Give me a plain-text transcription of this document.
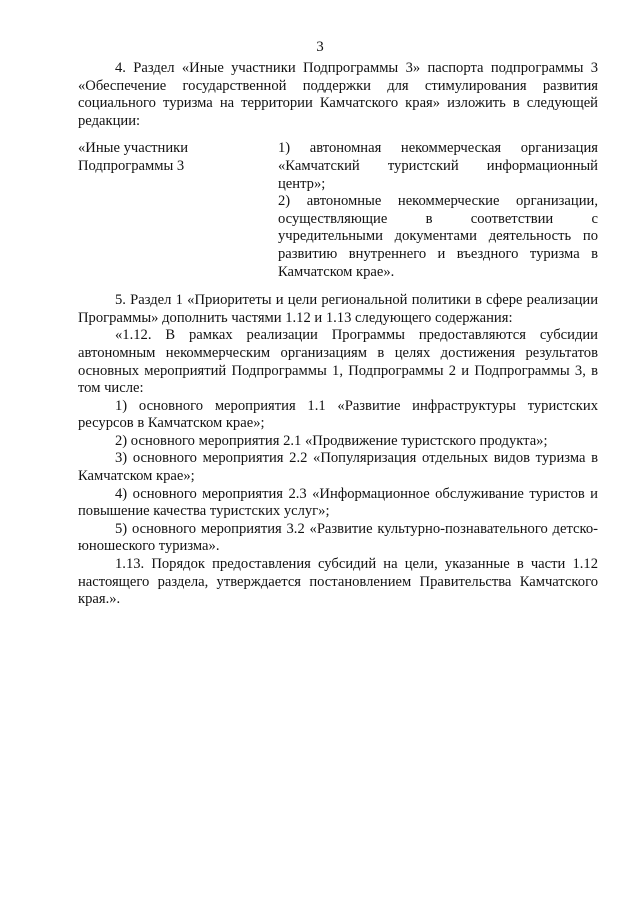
3

4. Раздел «Иные участники Подпрограммы 3» паспорта подпрограммы 3 «Обеспечение государственной поддержки для стимулирования развития социального туризма на территории Камчатского края» изложить в следующей редакции:

«Иные участники Подпрограммы 3

1) автономная некоммерческая организация «Камчатский туристский информационный центр»;

2) автономные некоммерческие организации, осуществляющие в соответствии с учредительными документами деятельность по развитию внутреннего и въездного туризма в Камчатском крае».

5. Раздел 1 «Приоритеты и цели региональной политики в сфере реализации Программы» дополнить частями 1.12 и 1.13 следующего содержания:

«1.12. В рамках реализации Программы предоставляются субсидии автономным некоммерческим организациям в целях достижения результатов основных мероприятий Подпрограммы 1, Подпрограммы 2 и Подпрограммы 3, в том числе:

1) основного мероприятия 1.1 «Развитие инфраструктуры туристских ресурсов в Камчатском крае»;

2) основного мероприятия 2.1 «Продвижение туристского продукта»;

3) основного мероприятия 2.2 «Популяризация отдельных видов туризма в Камчатском крае»;

4) основного мероприятия 2.3 «Информационное обслуживание туристов и повышение качества туристских услуг»;

5) основного мероприятия 3.2 «Развитие культурно-познавательного детско-юношеского туризма».

1.13. Порядок предоставления субсидий на цели, указанные в части 1.12 настоящего раздела, утверждается постановлением Правительства Камчатского края.».
